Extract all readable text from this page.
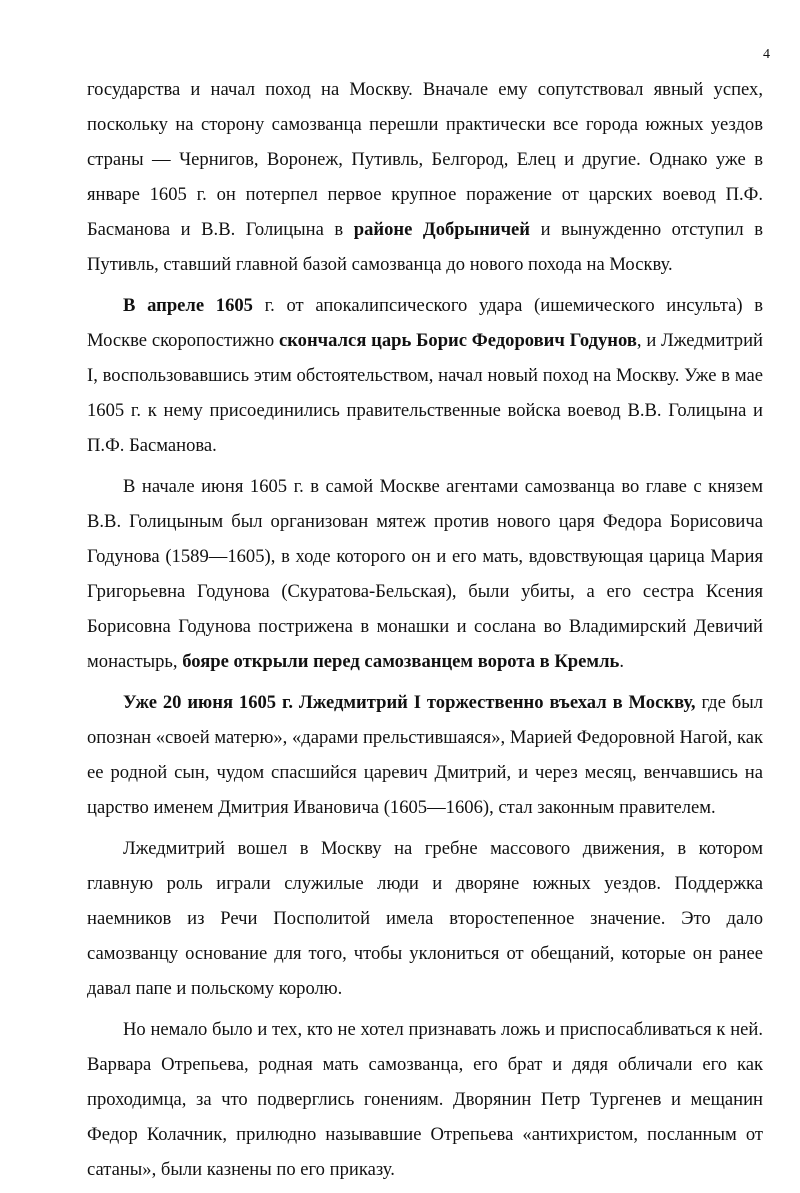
4

государства и начал поход на Москву. Вначале ему сопутствовал явный успех, поскольку на сторону самозванца перешли практически все города южных уездов страны — Чернигов, Воронеж, Путивль, Белгород, Елец и другие. Однако уже в январе 1605 г. он потерпел первое крупное поражение от царских воевод П.Ф. Басманова и В.В. Голицына в районе Добрыничей и вынужденно отступил в Путивль, ставший главной базой самозванца до нового похода на Москву.

В апреле 1605 г. от апокалипсического удара (ишемического инсульта) в Москве скоропостижно скончался царь Борис Федорович Годунов, и Лжедмитрий I, воспользовавшись этим обстоятельством, начал новый поход на Москву. Уже в мае 1605 г. к нему присоединились правительственные войска воевод В.В. Голицына и П.Ф. Басманова.

В начале июня 1605 г. в самой Москве агентами самозванца во главе с князем В.В. Голицыным был организован мятеж против нового царя Федора Борисовича Годунова (1589—1605), в ходе которого он и его мать, вдовствующая царица Мария Григорьевна Годунова (Скуратова-Бельская), были убиты, а его сестра Ксения Борисовна Годунова пострижена в монашки и сослана во Владимирский Девичий монастырь, бояре открыли перед самозванцем ворота в Кремль.

Уже 20 июня 1605 г. Лжедмитрий I торжественно въехал в Москву, где был опознан «своей матерю», «дарами прельстившаяся», Марией Федоровной Нагой, как ее родной сын, чудом спасшийся царевич Дмитрий, и через месяц, венчавшись на царство именем Дмитрия Ивановича (1605—1606), стал законным правителем.

Лжедмитрий вошел в Москву на гребне массового движения, в котором главную роль играли служилые люди и дворяне южных уездов. Поддержка наемников из Речи Посполитой имела второстепенное значение. Это дало самозванцу основание для того, чтобы уклониться от обещаний, которые он ранее давал папе и польскому королю.

Но немало было и тех, кто не хотел признавать ложь и приспосабливаться к ней. Варвара Отрепьева, родная мать самозванца, его брат и дядя обличали его как проходимца, за что подверглись гонениям. Дворянин Петр Тургенев и мещанин Федор Колачник, прилюдно называвшие Отрепьева «антихристом, посланным от сатаны», были казнены по его приказу.
